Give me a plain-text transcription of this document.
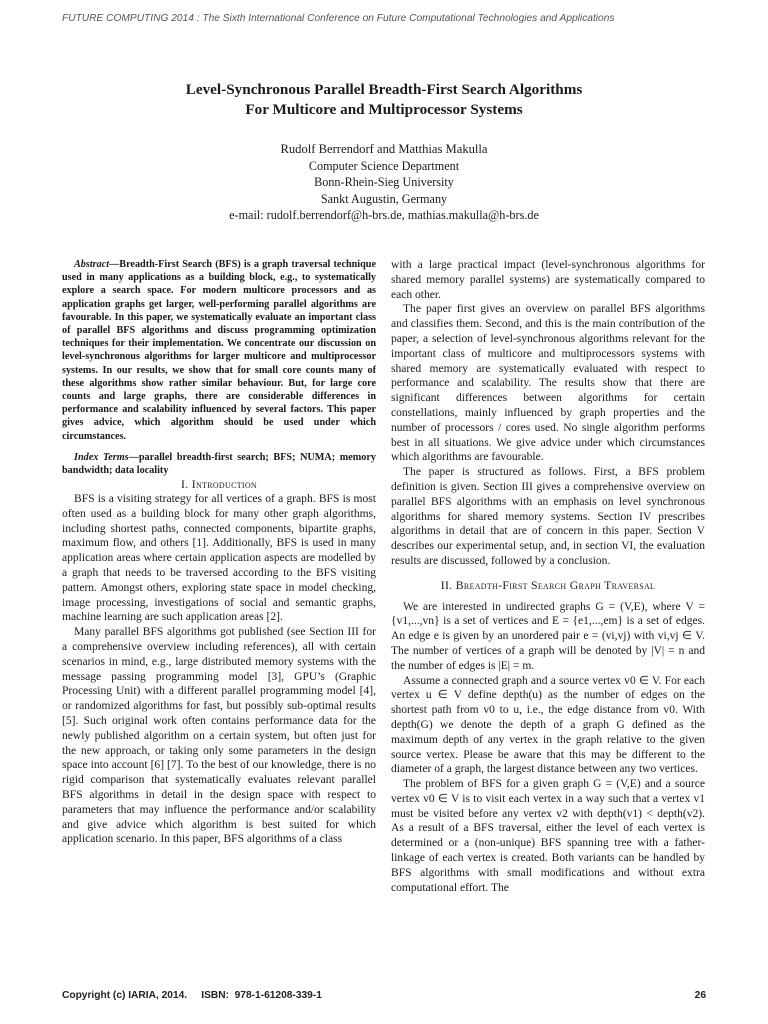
FUTURE COMPUTING 2014 : The Sixth International Conference on Future Computational Technologies and Applications
Level-Synchronous Parallel Breadth-First Search Algorithms
For Multicore and Multiprocessor Systems
Rudolf Berrendorf and Matthias Makulla
Computer Science Department
Bonn-Rhein-Sieg University
Sankt Augustin, Germany
e-mail: rudolf.berrendorf@h-brs.de, mathias.makulla@h-brs.de

Abstract—Breadth-First Search (BFS) is a graph traversal technique used in many applications as a building block, e.g., to systematically explore a search space. For modern multicore processors and as application graphs get larger, well-performing parallel algorithms are favourable. In this paper, we systematically evaluate an important class of parallel BFS algorithms and discuss programming optimization techniques for their implementation. We concentrate our discussion on level-synchronous algorithms for larger multicore and multiprocessor systems. In our results, we show that for small core counts many of these algorithms show rather similar behaviour. But, for large core counts and large graphs, there are considerable differences in performance and scalability influenced by several factors. This paper gives advice, which algorithm should be used under which circumstances.

Index Terms—parallel breadth-first search; BFS; NUMA; memory bandwidth; data locality

I. Introduction

BFS is a visiting strategy for all vertices of a graph. BFS is most often used as a building block for many other graph algorithms, including shortest paths, connected components, bipartite graphs, maximum flow, and others [1]. Additionally, BFS is used in many application areas where certain application aspects are modelled by a graph that needs to be traversed according to the BFS visiting pattern. Amongst others, exploring state space in model checking, image processing, investigations of social and semantic graphs, machine learning are such application areas [2].

Many parallel BFS algorithms got published (see Section III for a comprehensive overview including references), all with certain scenarios in mind, e.g., large distributed memory systems with the message passing programming model [3], GPU’s (Graphic Processing Unit) with a different parallel programming model [4], or randomized algorithms for fast, but possibly sub-optimal results [5]. Such original work often contains performance data for the newly published algorithm on a certain system, but often just for the new approach, or taking only some parameters in the design space into account [6] [7]. To the best of our knowledge, there is no rigid comparison that systematically evaluates relevant parallel BFS algorithms in detail in the design space with respect to parameters that may influence the performance and/or scalability and give advice which algorithm is best suited for which application scenario. In this paper, BFS algorithms of a class

with a large practical impact (level-synchronous algorithms for shared memory parallel systems) are systematically compared to each other.

The paper first gives an overview on parallel BFS algorithms and classifies them. Second, and this is the main contribution of the paper, a selection of level-synchronous algorithms relevant for the important class of multicore and multiprocessors systems with shared memory are systematically evaluated with respect to performance and scalability. The results show that there are significant differences between algorithms for certain constellations, mainly influenced by graph properties and the number of processors / cores used. No single algorithm performs best in all situations. We give advice under which circumstances which algorithms are favourable.

The paper is structured as follows. First, a BFS problem definition is given. Section III gives a comprehensive overview on parallel BFS algorithms with an emphasis on level synchronous algorithms for shared memory systems. Section IV prescribes algorithms in detail that are of concern in this paper. Section V describes our experimental setup, and, in section VI, the evaluation results are discussed, followed by a conclusion.

II. Breadth-First Search Graph Traversal

We are interested in undirected graphs G = (V,E), where V = {v1,...,vn} is a set of vertices and E = {e1,...,em} is a set of edges. An edge e is given by an unordered pair e = (vi,vj) with vi,vj ∈ V. The number of vertices of a graph will be denoted by |V| = n and the number of edges is |E| = m.

Assume a connected graph and a source vertex v0 ∈ V. For each vertex u ∈ V define depth(u) as the number of edges on the shortest path from v0 to u, i.e., the edge distance from v0. With depth(G) we denote the depth of a graph G defined as the maximum depth of any vertex in the graph relative to the given source vertex. Please be aware that this may be different to the diameter of a graph, the largest distance between any two vertices.

The problem of BFS for a given graph G = (V,E) and a source vertex v0 ∈ V is to visit each vertex in a way such that a vertex v1 must be visited before any vertex v2 with depth(v1) < depth(v2). As a result of a BFS traversal, either the level of each vertex is determined or a (non-unique) BFS spanning tree with a father-linkage of each vertex is created. Both variants can be handled by BFS algorithms with small modifications and without extra computational effort. The

Copyright (c) IARIA, 2014.     ISBN:  978-1-61208-339-1	26
